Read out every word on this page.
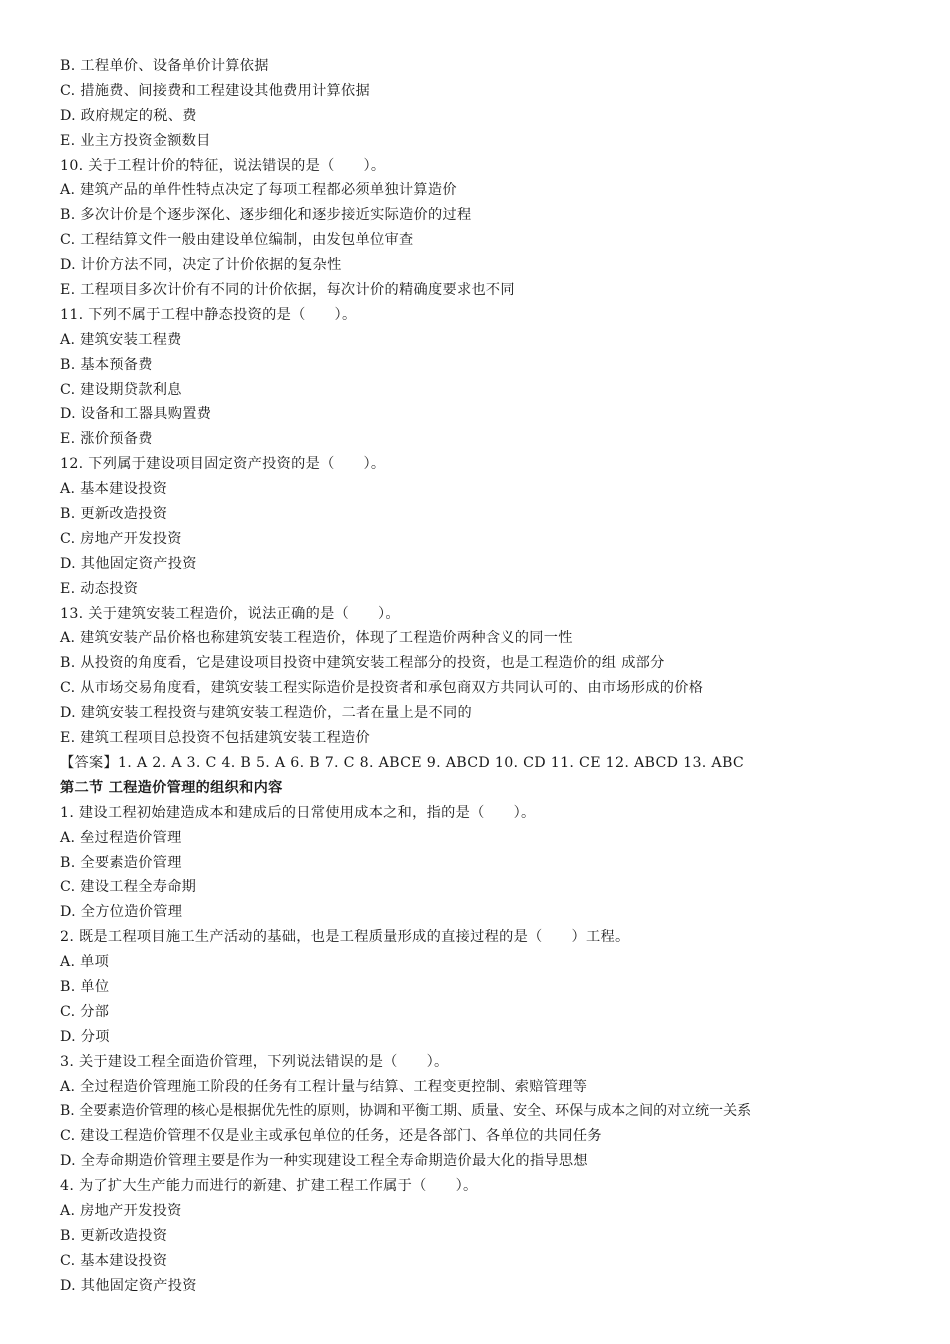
B. 工程单价、设备单价计算依据
C. 措施费、间接费和工程建设其他费用计算依据
D. 政府规定的税、费
E. 业主方投资金额数目
10. 关于工程计价的特征，说法错误的是（　　）。
A. 建筑产品的单件性特点决定了每项工程都必须单独计算造价
B. 多次计价是个逐步深化、逐步细化和逐步接近实际造价的过程
C. 工程结算文件一般由建设单位编制，由发包单位审查
D. 计价方法不同，决定了计价依据的复杂性
E. 工程项目多次计价有不同的计价依据，每次计价的精确度要求也不同
11. 下列不属于工程中静态投资的是（　　）。
A. 建筑安装工程费
B. 基本预备费
C. 建设期贷款利息
D. 设备和工器具购置费
E. 涨价预备费
12. 下列属于建设项目固定资产投资的是（　　）。
A. 基本建设投资
B. 更新改造投资
C. 房地产开发投资
D. 其他固定资产投资
E. 动态投资
13. 关于建筑安装工程造价，说法正确的是（　　）。
A. 建筑安装产品价格也称建筑安装工程造价，体现了工程造价两种含义的同一性
B. 从投资的角度看，它是建设项目投资中建筑安装工程部分的投资，也是工程造价的组 成部分
C. 从市场交易角度看，建筑安装工程实际造价是投资者和承包商双方共同认可的、由市场形成的价格
D. 建筑安装工程投资与建筑安装工程造价，二者在量上是不同的
E. 建筑工程项目总投资不包括建筑安装工程造价
【答案】1. A 2. A 3. C 4. B 5. A 6. B 7. C 8. ABCE 9. ABCD 10. CD 11. CE 12. ABCD 13. ABC
第二节 工程造价管理的组织和内容
1. 建设工程初始建造成本和建成后的日常使用成本之和，指的是（　　）。
A. 垒过程造价管理
B. 全要素造价管理
C. 建设工程全寿命期
D. 全方位造价管理
2. 既是工程项目施工生产活动的基础，也是工程质量形成的直接过程的是（　　）工程。
A. 单项
B. 单位
C. 分部
D. 分项
3. 关于建设工程全面造价管理，下列说法错误的是（　　）。
A. 全过程造价管理施工阶段的任务有工程计量与结算、工程变更控制、索赔管理等
B. 全要素造价管理的核心是根据优先性的原则，协调和平衡工期、质量、安全、环保与成本之间的对立统一关系
C. 建设工程造价管理不仅是业主或承包单位的任务，还是各部门、各单位的共同任务
D. 全寿命期造价管理主要是作为一种实现建设工程全寿命期造价最大化的指导思想
4. 为了扩大生产能力而进行的新建、扩建工程工作属于（　　）。
A. 房地产开发投资
B. 更新改造投资
C. 基本建设投资
D. 其他固定资产投资
